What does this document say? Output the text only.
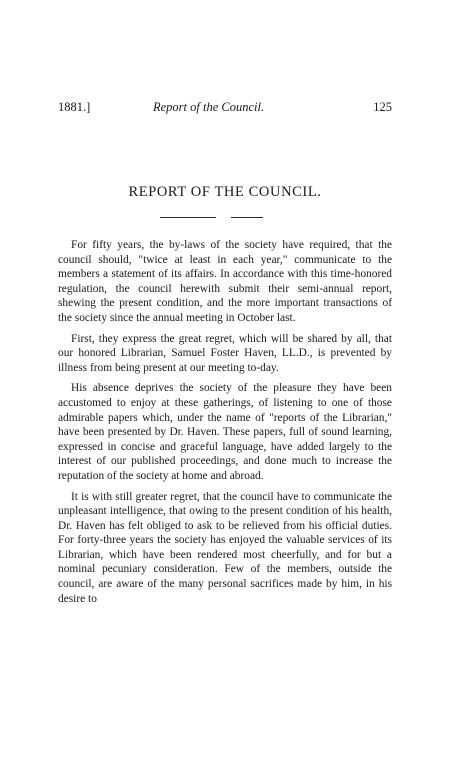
1881.]	Report of the Council.	125
REPORT OF THE COUNCIL.

For fifty years, the by-laws of the society have required, that the council should, "twice at least in each year," communicate to the members a statement of its affairs. In accordance with this time-honored regulation, the council herewith submit their semi-annual report, shewing the present condition, and the more important transactions of the society since the annual meeting in October last.

First, they express the great regret, which will be shared by all, that our honored Librarian, Samuel Foster Haven, LL.D., is prevented by illness from being present at our meeting to-day.

His absence deprives the society of the pleasure they have been accustomed to enjoy at these gatherings, of listening to one of those admirable papers which, under the name of "reports of the Librarian," have been presented by Dr. Haven. These papers, full of sound learning, expressed in concise and graceful language, have added largely to the interest of our published proceedings, and done much to increase the reputation of the society at home and abroad.

It is with still greater regret, that the council have to communicate the unpleasant intelligence, that owing to the present condition of his health, Dr. Haven has felt obliged to ask to be relieved from his official duties. For forty-three years the society has enjoyed the valuable services of its Librarian, which have been rendered most cheerfully, and for but a nominal pecuniary consideration. Few of the members, outside the council, are aware of the many personal sacrifices made by him, in his desire to
